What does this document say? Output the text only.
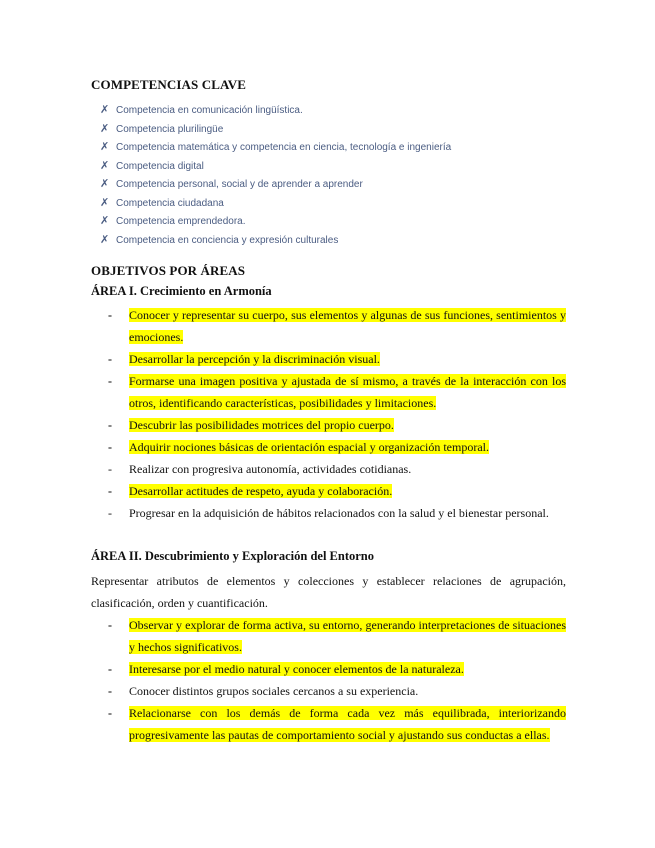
COMPETENCIAS CLAVE
✗ Competencia en comunicación lingüística.
✗ Competencia plurilingüe
✗ Competencia matemática y competencia en ciencia, tecnología e ingeniería
✗ Competencia digital
✗ Competencia personal, social y de aprender a aprender
✗ Competencia ciudadana
✗ Competencia emprendedora.
✗ Competencia en conciencia y expresión culturales
OBJETIVOS POR ÁREAS
ÁREA I. Crecimiento en Armonía
- Conocer y representar su cuerpo, sus elementos y algunas de sus funciones, sentimientos y emociones.
- Desarrollar la percepción y la discriminación visual.
- Formarse una imagen positiva y ajustada de sí mismo, a través de la interacción con los otros, identificando características, posibilidades y limitaciones.
- Descubrir las posibilidades motrices del propio cuerpo.
- Adquirir nociones básicas de orientación espacial y organización temporal.
- Realizar con progresiva autonomía, actividades cotidianas.
- Desarrollar actitudes de respeto, ayuda y colaboración.
- Progresar en la adquisición de hábitos relacionados con la salud y el bienestar personal.
ÁREA II. Descubrimiento y Exploración del Entorno

Representar atributos de elementos y colecciones y establecer relaciones de agrupación, clasificación, orden y cuantificación.

- Observar y explorar de forma activa, su entorno, generando interpretaciones de situaciones y hechos significativos.
- Interesarse por el medio natural y conocer elementos de la naturaleza.
- Conocer distintos grupos sociales cercanos a su experiencia.
- Relacionarse con los demás de forma cada vez más equilibrada, interiorizando progresivamente las pautas de comportamiento social y ajustando sus conductas a ellas.
